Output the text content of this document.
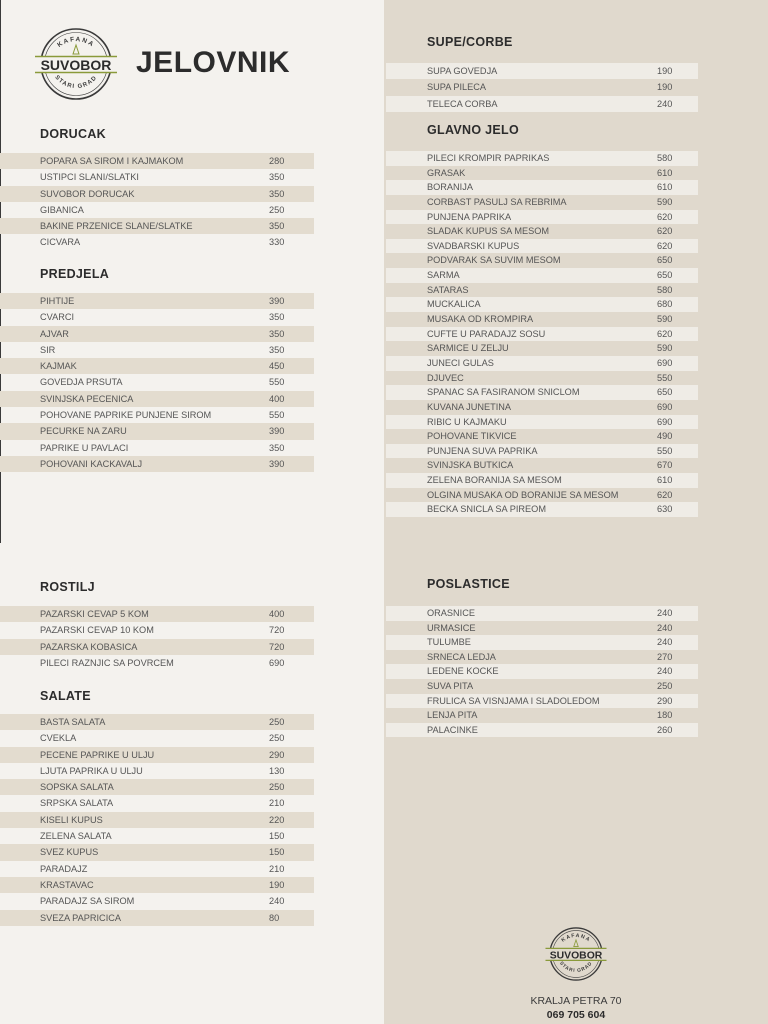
KAFANA
STARI GRAD
SUVOBOR JELOVNIK
DORUCAK
POPARA SA SIROM I KAJMAKOM	280
USTIPCI SLANI/SLATKI	350
SUVOBOR DORUCAK	350
GIBANICA	250
BAKINE PRZENICE SLANE/SLATKE	350
CICVARA	330
PREDJELA
PIHTIJE	390
CVARCI	350
AJVAR	350
SIR	350
KAJMAK	450
GOVEDJA PRSUTA	550
SVINJSKA PECENICA	400
POHOVANE PAPRIKE PUNJENE SIROM	550
PECURKE NA ZARU	390
PAPRIKE U PAVLACI	350
POHOVANI KACKAVALJ	390
ROSTILJ
PAZARSKI CEVAP 5 KOM	400
PAZARSKI CEVAP 10 KOM	720
PAZARSKA KOBASICA	720
PILECI RAZNJIC SA POVRCEM	690
SALATE
BASTA SALATA	250
CVEKLA	250
PECENE PAPRIKE U ULJU	290
LJUTA PAPRIKA U ULJU	130
SOPSKA SALATA	250
SRPSKA SALATA	210
KISELI KUPUS	220
ZELENA SALATA	150
SVEZ KUPUS	150
PARADAJZ	210
KRASTAVAC	190
PARADAJZ SA SIROM	240
SVEZA PAPRICICA	80
SUPE/CORBE
SUPA GOVEDJA	190
SUPA PILECA	190
TELECA CORBA	240
GLAVNO JELO
PILECI KROMPIR PAPRIKAS	580
GRASAK	610
BORANIJA	610
CORBAST PASULJ SA REBRIMA	590
PUNJENA PAPRIKA	620
SLADAK KUPUS SA MESOM	620
SVADBARSKI KUPUS	620
PODVARAK SA SUVIM MESOM	650
SARMA	650
SATARAS	580
MUCKALICA	680
MUSAKA OD KROMPIRA	590
CUFTE U PARADAJZ SOSU	620
SARMICE U ZELJU	590
JUNECI GULAS	690
DJUVEC	550
SPANAC SA FASIRANOM SNICLOM	650
KUVANA JUNETINA	690
RIBIC U KAJMAKU	690
POHOVANE TIKVICE	490
PUNJENA SUVA PAPRIKA	550
SVINJSKA BUTKICA	670
ZELENA BORANIJA SA MESOM	610
OLGINA MUSAKA OD BORANIJE SA MESOM	620
BECKA SNICLA SA PIREOM	630
POSLASTICE
ORASNICE	240
URMASICE	240
TULUMBE	240
SRNECA LEDJA	270
LEDENE KOCKE	240
SUVA PITA	250
FRULICA SA VISNJAMA I SLADOLEDOM	290
LENJA PITA	180
PALACINKE	260
KAFANA
STARI GRAD
SUVOBOR
KRALJA PETRA 70
069 705 604
